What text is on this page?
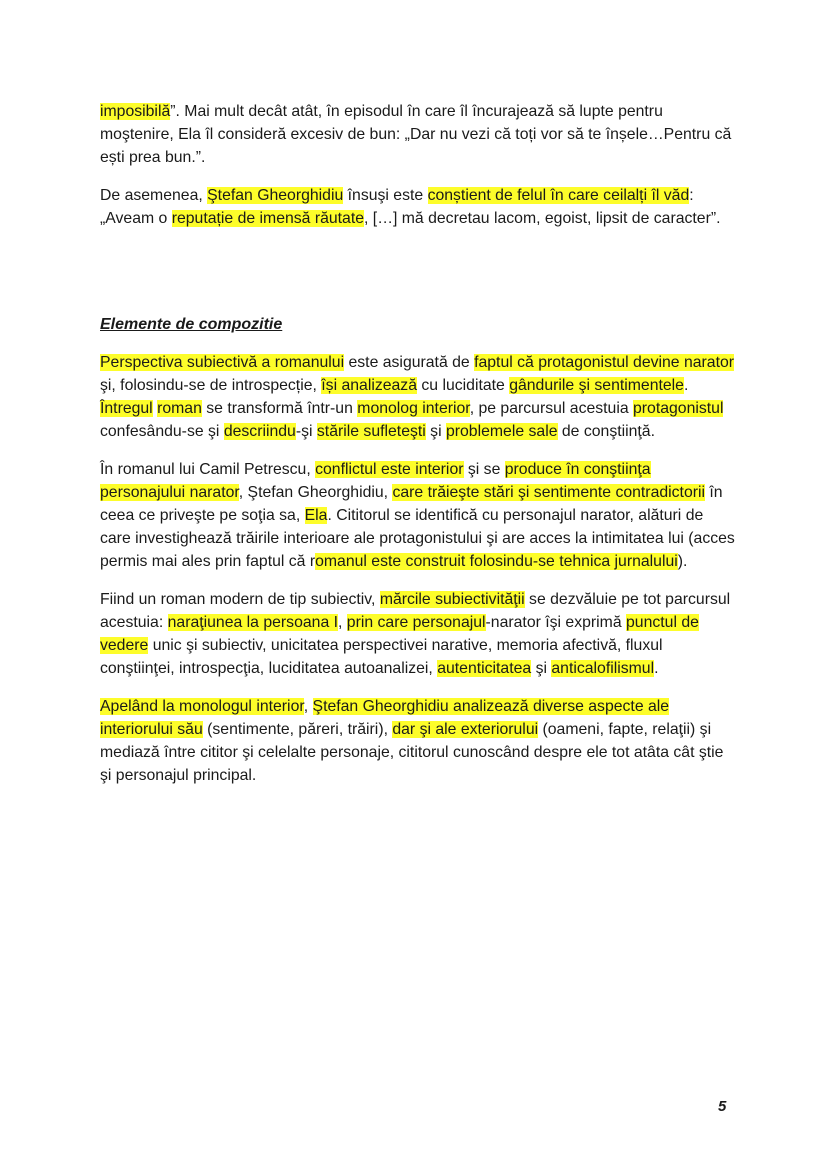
imposibilă”. Mai mult decât atât, în episodul în care îl încurajează să lupte pentru moştenire, Ela îl consideră excesiv de bun: „Dar nu vezi că toți vor să te înșele…Pentru că ești prea bun.”.

De asemenea, Ştefan Gheorghidiu însuşi este conștient de felul în care ceilalți îl văd: „Aveam o reputație de imensă răutate, […] mă decretau lacom, egoist, lipsit de caracter”.

Elemente de compozitie

Perspectiva subiectivă a romanului este asigurată de faptul că protagonistul devine narator şi, folosindu-se de introspecție, își analizează cu luciditate gândurile şi sentimentele. Întregul roman se transformă într-un monolog interior, pe parcursul acestuia protagonistul confesându-se şi descriindu-şi stările sufleteşti şi problemele sale de conştiinţă.

În romanul lui Camil Petrescu, conflictul este interior şi se produce în conştiinţa personajului narator, Ştefan Gheorghidiu, care trăieşte stări şi sentimente contradictorii în ceea ce priveşte pe soţia sa, Ela. Cititorul se identifică cu personajul narator, alături de care investighează trăirile interioare ale protagonistului şi are acces la intimitatea lui (acces permis mai ales prin faptul că romanul este construit folosindu-se tehnica jurnalului).

Fiind un roman modern de tip subiectiv, mărcile subiectivităţii se dezvăluie pe tot parcursul acestuia: naraţiunea la persoana I, prin care personajul-narator îşi exprimă punctul de vedere unic şi subiectiv, unicitatea perspectivei narative, memoria afectivă, fluxul conştiinţei, introspecţia, luciditatea autoanalizei, autenticitatea şi anticalofilismul.

Apelând la monologul interior, Ştefan Gheorghidiu analizează diverse aspecte ale interiorului său (sentimente, păreri, trăiri), dar şi ale exteriorului (oameni, fapte, relaţii) şi mediază între cititor şi celelalte personaje, cititorul cunoscând despre ele tot atâta cât ştie şi personajul principal.

5
